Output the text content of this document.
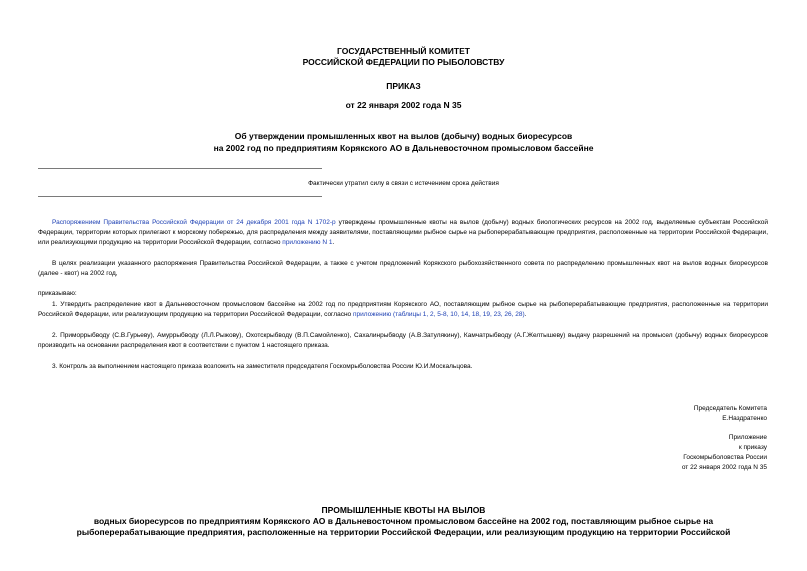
ГОСУДАРСТВЕННЫЙ КОМИТЕТ
РОССИЙСКОЙ ФЕДЕРАЦИИ ПО РЫБОЛОВСТВУ
ПРИКАЗ
от 22 января 2002 года N 35
Об утверждении промышленных квот на вылов (добычу) водных биоресурсов
на 2002 год по предприятиям Корякского АО в Дальневосточном промысловом бассейне
Фактически утратил силу в связи с истечением срока действия
Распоряжением Правительства Российской Федерации от 24 декабря 2001 года N 1702-р утверждены промышленные квоты на вылов (добычу) водных биологических ресурсов на 2002 год, выделяемые субъектам Российской Федерации, территории которых прилегают к морскому побережью, для распределения между заявителями, поставляющими рыбное сырье на рыбоперерабатывающие предприятия, расположенные на территории Российской Федерации, или реализующими продукцию на территории Российской Федерации, согласно приложению N 1.
В целях реализации указанного распоряжения Правительства Российской Федерации, а также с учетом предложений Корякского рыбохозяйственного совета по распределению промышленных квот на вылов водных биоресурсов (далее - квот) на 2002 год,
приказываю:
1. Утвердить распределение квот в Дальневосточном промысловом бассейне на 2002 год по предприятиям Корякского АО, поставляющим рыбное сырье на рыбоперерабатывающие предприятия, расположенные на территории Российской Федерации, или реализующим продукцию на территории Российской Федерации, согласно приложению (таблицы 1, 2, 5-8, 10, 14, 18, 19, 23, 26, 28).
2. Приморрыбводу (С.В.Гурьеву), Амуррыбводу (Л.Л.Рыжову), Охотскрыбводу (В.П.Самойленко), Сахалинрыбводу (А.В.Затулякину), Камчатрыбводу (А.Г.Желтышеву) выдачу разрешений на промысел (добычу) водных биоресурсов производить на основании распределения квот в соответствии с пунктом 1 настоящего приказа.
3. Контроль за выполнением настоящего приказа возложить на заместителя председателя Госкомрыболовства России Ю.И.Москальцова.
Председатель Комитета
Е.Наздратенко
Приложение
к приказу
Госкомрыболовства России
от 22 января 2002 года N 35
ПРОМЫШЛЕННЫЕ КВОТЫ НА ВЫЛОВ
водных биоресурсов по предприятиям Корякского АО в Дальневосточном промысловом бассейне на 2002 год, поставляющим рыбное сырье на
рыбоперерабатывающие предприятия, расположенные на территории Российской Федерации, или реализующим продукцию на территории Российской
